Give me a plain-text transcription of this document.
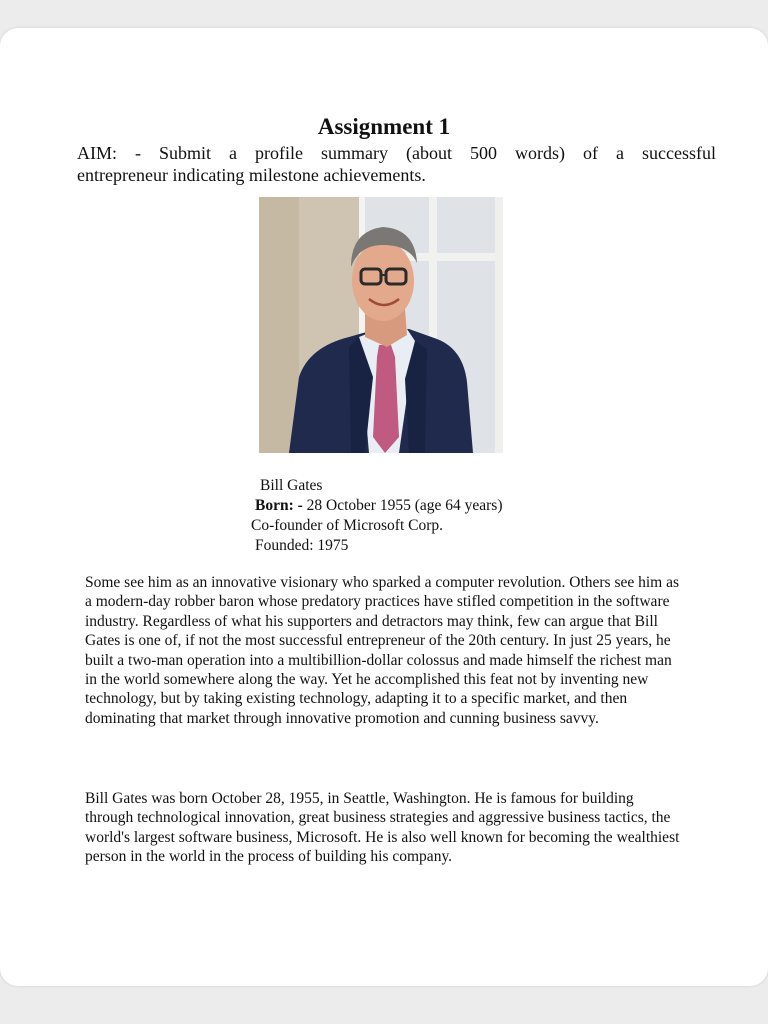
Assignment 1

AIM: - Submit a profile summary (about 500 words) of a successful
entrepreneur indicating milestone achievements.

Bill Gates
Born: - 28 October 1955 (age 64 years)
Co-founder of Microsoft Corp.
Founded: 1975

Some see him as an innovative visionary who sparked a computer revolution. Others see him as a modern-day robber baron whose predatory practices have stifled competition in the software industry. Regardless of what his supporters and detractors may think, few can argue that Bill Gates is one of, if not the most successful entrepreneur of the 20th century. In just 25 years, he built a two-man operation into a multibillion-dollar colossus and made himself the richest man in the world somewhere along the way. Yet he accomplished this feat not by inventing new technology, but by taking existing technology, adapting it to a specific market, and then dominating that market through innovative promotion and cunning business savvy.

Bill Gates was born October 28, 1955, in Seattle, Washington. He is famous for building through technological innovation, great business strategies and aggressive business tactics, the world's largest software business, Microsoft. He is also well known for becoming the wealthiest person in the world in the process of building his company.
